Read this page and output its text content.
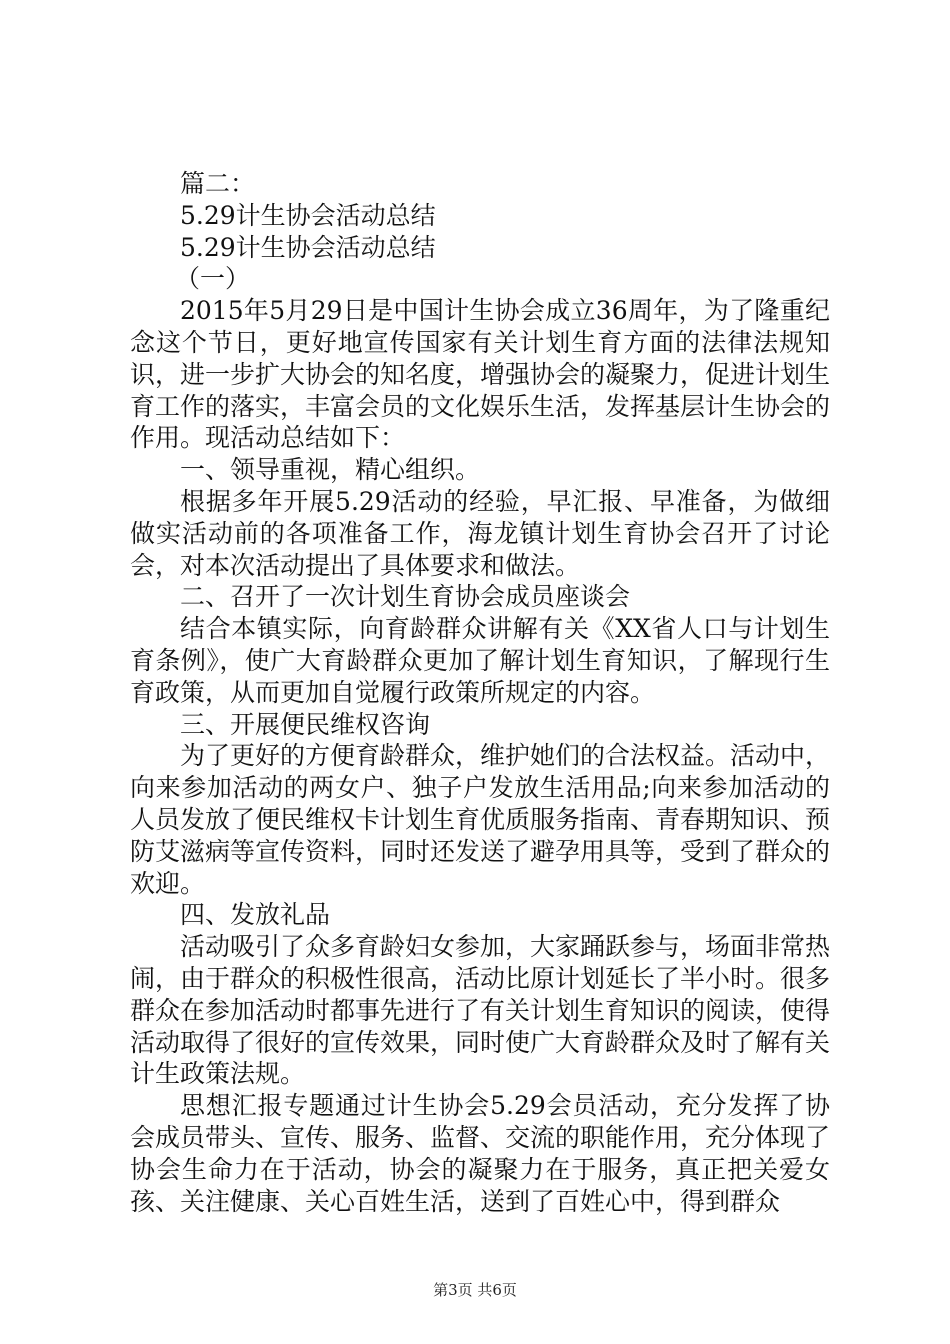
篇二：
5.29计生协会活动总结
5.29计生协会活动总结
（一）

2015年5月29日是中国计生协会成立36周年，为了隆重纪念这个节日，更好地宣传国家有关计划生育方面的法律法规知识，进一步扩大协会的知名度，增强协会的凝聚力，促进计划生育工作的落实，丰富会员的文化娱乐生活，发挥基层计生协会的作用。现活动总结如下：

一、领导重视，精心组织。

根据多年开展5.29活动的经验，早汇报、早准备，为做细做实活动前的各项准备工作，海龙镇计划生育协会召开了讨论会，对本次活动提出了具体要求和做法。

二、召开了一次计划生育协会成员座谈会

结合本镇实际，向育龄群众讲解有关《XX省人口与计划生育条例》，使广大育龄群众更加了解计划生育知识，了解现行生育政策，从而更加自觉履行政策所规定的内容。

三、开展便民维权咨询

为了更好的方便育龄群众，维护她们的合法权益。活动中，向来参加活动的两女户、独子户发放生活用品;向来参加活动的人员发放了便民维权卡计划生育优质服务指南、青春期知识、预防艾滋病等宣传资料，同时还发送了避孕用具等，受到了群众的欢迎。

四、发放礼品

活动吸引了众多育龄妇女参加，大家踊跃参与，场面非常热闹，由于群众的积极性很高，活动比原计划延长了半小时。很多群众在参加活动时都事先进行了有关计划生育知识的阅读，使得活动取得了很好的宣传效果，同时使广大育龄群众及时了解有关计生政策法规。

思想汇报专题通过计生协会5.29会员活动，充分发挥了协会成员带头、宣传、服务、监督、交流的职能作用，充分体现了协会生命力在于活动，协会的凝聚力在于服务，真正把关爱女孩、关注健康、关心百姓生活，送到了百姓心中，得到群众

第3页 共6页
